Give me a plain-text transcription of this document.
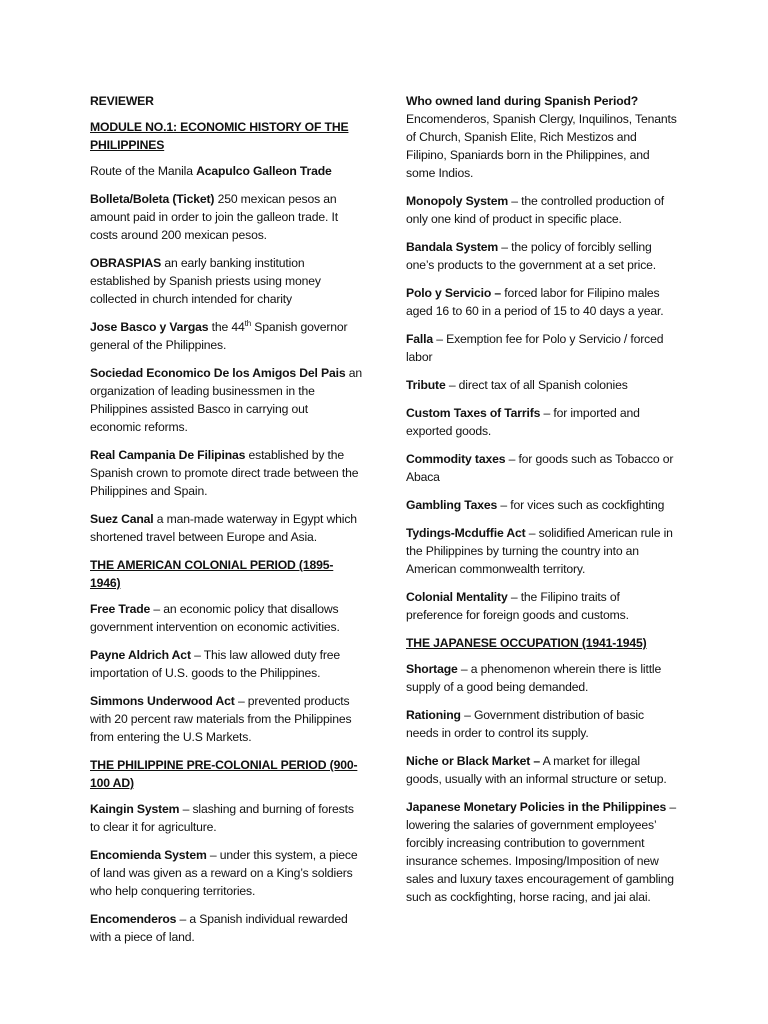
REVIEWER

MODULE NO.1: ECONOMIC HISTORY OF THE PHILIPPINES

Route of the Manila Acapulco Galleon Trade

Bolleta/Boleta (Ticket) 250 mexican pesos an amount paid in order to join the galleon trade. It costs around 200 mexican pesos.

OBRASPIAS an early banking institution established by Spanish priests using money collected in church intended for charity

Jose Basco y Vargas the 44th Spanish governor general of the Philippines.

Sociedad Economico De los Amigos Del Pais an organization of leading businessmen in the Philippines assisted Basco in carrying out economic reforms.

Real Campania De Filipinas established by the Spanish crown to promote direct trade between the Philippines and Spain.

Suez Canal a man-made waterway in Egypt which shortened travel between Europe and Asia.

THE AMERICAN COLONIAL PERIOD (1895-1946)

Free Trade – an economic policy that disallows government intervention on economic activities.

Payne Aldrich Act – This law allowed duty free importation of U.S. goods to the Philippines.

Simmons Underwood Act – prevented products with 20 percent raw materials from the Philippines from entering the U.S Markets.

THE PHILIPPINE PRE-COLONIAL PERIOD (900-100 AD)

Kaingin System – slashing and burning of forests to clear it for agriculture.

Encomienda System – under this system, a piece of land was given as a reward on a King’s soldiers who help conquering territories.

Encomenderos – a Spanish individual rewarded with a piece of land.

Who owned land during Spanish Period?
Encomenderos, Spanish Clergy, Inquilinos, Tenants of Church, Spanish Elite, Rich Mestizos and Filipino, Spaniards born in the Philippines, and some Indios.

Monopoly System – the controlled production of only one kind of product in specific place.

Bandala System – the policy of forcibly selling one’s products to the government at a set price.

Polo y Servicio – forced labor for Filipino males aged 16 to 60 in a period of 15 to 40 days a year.

Falla – Exemption fee for Polo y Servicio / forced labor

Tribute – direct tax of all Spanish colonies

Custom Taxes of Tarrifs – for imported and exported goods.

Commodity taxes – for goods such as Tobacco or Abaca

Gambling Taxes – for vices such as cockfighting

Tydings-Mcduffie Act – solidified American rule in the Philippines by turning the country into an American commonwealth territory.

Colonial Mentality – the Filipino traits of preference for foreign goods and customs.

THE JAPANESE OCCUPATION (1941-1945)

Shortage – a phenomenon wherein there is little supply of a good being demanded.

Rationing – Government distribution of basic needs in order to control its supply.

Niche or Black Market – A market for illegal goods, usually with an informal structure or setup.

Japanese Monetary Policies in the Philippines – lowering the salaries of government employees’ forcibly increasing contribution to government insurance schemes. Imposing/Imposition of new sales and luxury taxes encouragement of gambling such as cockfighting, horse racing, and jai alai.
